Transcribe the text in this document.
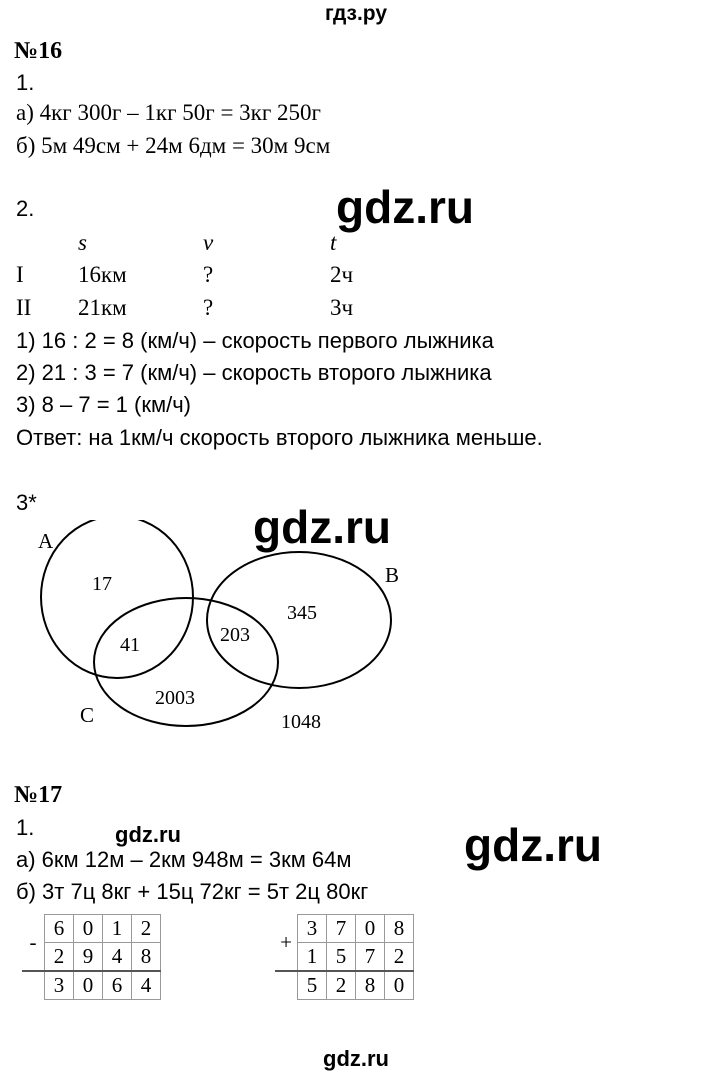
гдз.ру
№16
1.
а) 4кг 300г – 1кг 50г = 3кг 250г
б) 5м 49см + 24м 6дм = 30м 9см
2.	gdz.ru
s	v	t
I 16км	?	2ч
II 21км	?	3ч
1) 16 : 2 = 8 (км/ч) – скорость первого лыжника
2) 21 : 3 = 7 (км/ч) – скорость второго лыжника
3) 8 – 7 = 1 (км/ч)
Ответ: на 1км/ч скорость второго лыжника меньше.
3*	gdz.ru
A
B
C
17
41	203
345
2003
1048
№17
1.	gdz.ru	gdz.ru
а) 6км 12м – 2км 948м = 3км 64м
б) 3т 7ц 8кг + 15ц 72кг = 5т 2ц 80кг
-	6	0	1	2
	2	9	4	8
	3	0	6	4
+	3	7	0	8
	1	5	7	2
	5	2	8	0
gdz.ru
